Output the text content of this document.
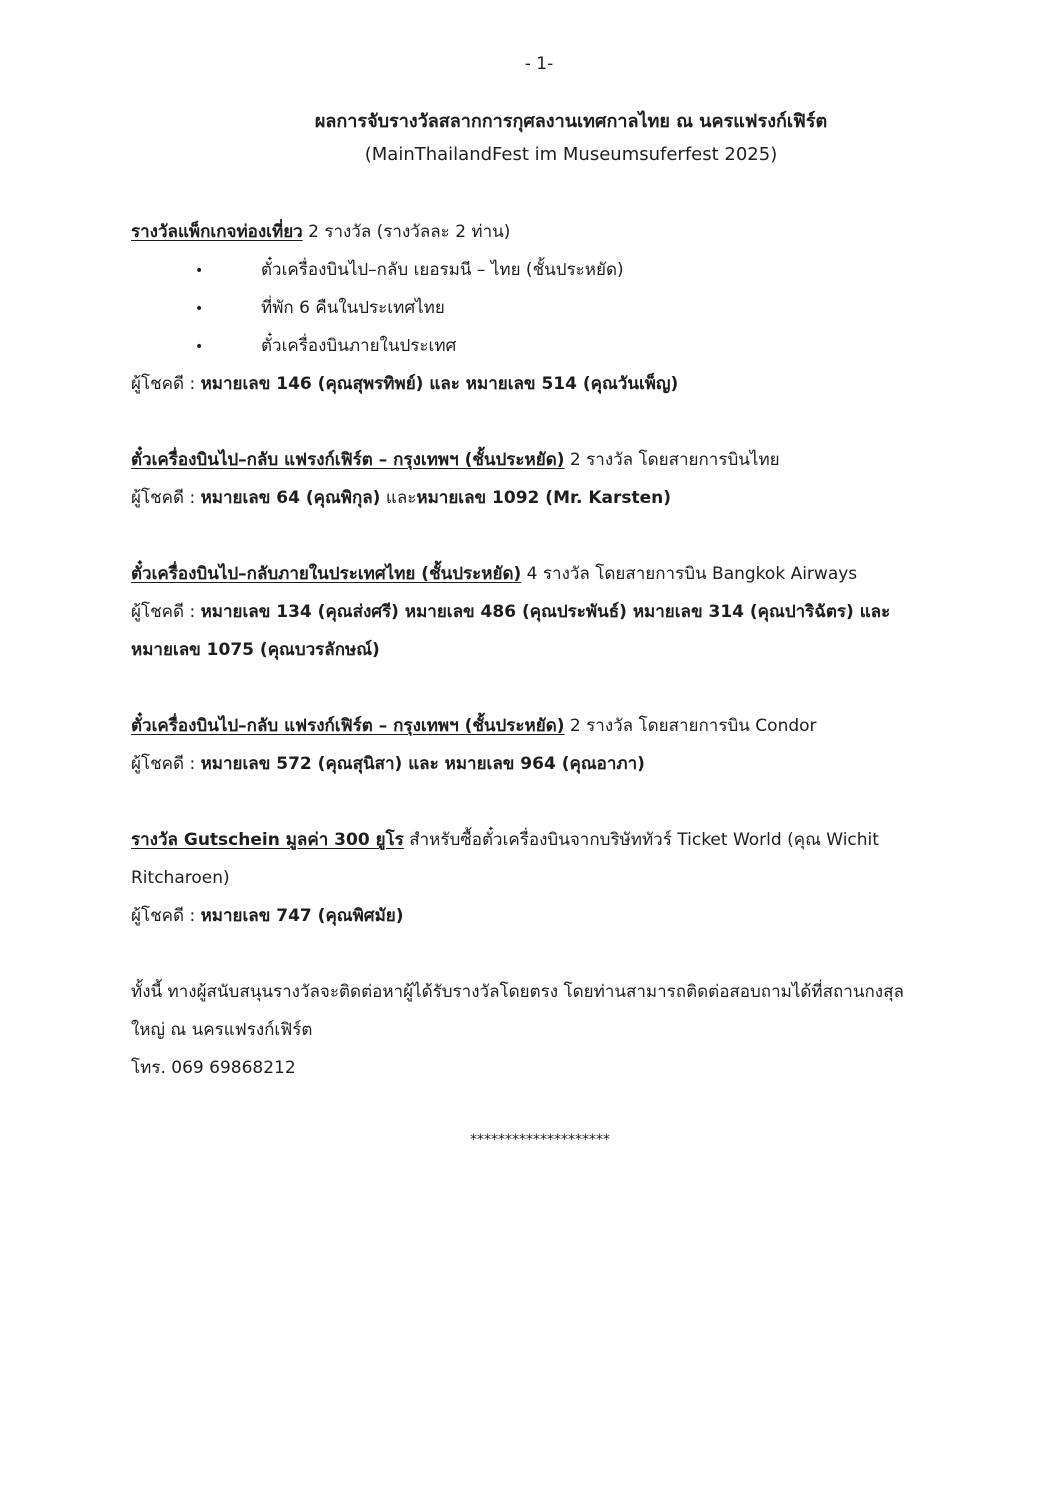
- 1-
ผลการจับรางวัลสลากการกุศลงานเทศกาลไทย ณ นครแฟรงก์เฟิร์ต
(MainThailandFest im Museumsuferfest 2025)
รางวัลแพ็กเกจท่องเที่ยว 2 รางวัล (รางวัลละ 2 ท่าน)
•	ตั๋วเครื่องบินไป–กลับ เยอรมนี – ไทย (ชั้นประหยัด)
•	ที่พัก 6 คืนในประเทศไทย
•	ตั๋วเครื่องบินภายในประเทศ
ผู้โชคดี : หมายเลข 146 (คุณสุพรทิพย์) และ หมายเลข 514 (คุณวันเพ็ญ)
ตั๋วเครื่องบินไป–กลับ แฟรงก์เฟิร์ต – กรุงเทพฯ (ชั้นประหยัด) 2 รางวัล โดยสายการบินไทย
ผู้โชคดี : หมายเลข 64 (คุณพิกุล) และหมายเลข 1092 (Mr. Karsten)
ตั๋วเครื่องบินไป–กลับภายในประเทศไทย (ชั้นประหยัด) 4 รางวัล โดยสายการบิน Bangkok Airways
ผู้โชคดี : หมายเลข 134 (คุณส่งศรี) หมายเลข 486 (คุณประพันธ์) หมายเลข 314 (คุณปาริฉัตร) และ
หมายเลข 1075 (คุณบวรลักษณ์)
ตั๋วเครื่องบินไป–กลับ แฟรงก์เฟิร์ต – กรุงเทพฯ (ชั้นประหยัด) 2 รางวัล โดยสายการบิน Condor
ผู้โชคดี : หมายเลข 572 (คุณสุนิสา) และ หมายเลข 964 (คุณอาภา)
รางวัล Gutschein มูลค่า 300 ยูโร สำหรับซื้อตั๋วเครื่องบินจากบริษัททัวร์ Ticket World (คุณ Wichit
Ritcharoen)
ผู้โชคดี : หมายเลข 747 (คุณพิศมัย)
ทั้งนี้ ทางผู้สนับสนุนรางวัลจะติดต่อหาผู้ได้รับรางวัลโดยตรง โดยท่านสามารถติดต่อสอบถามได้ที่สถานกงสุล
ใหญ่ ณ นครแฟรงก์เฟิร์ต
โทร. 069 69868212
********************
